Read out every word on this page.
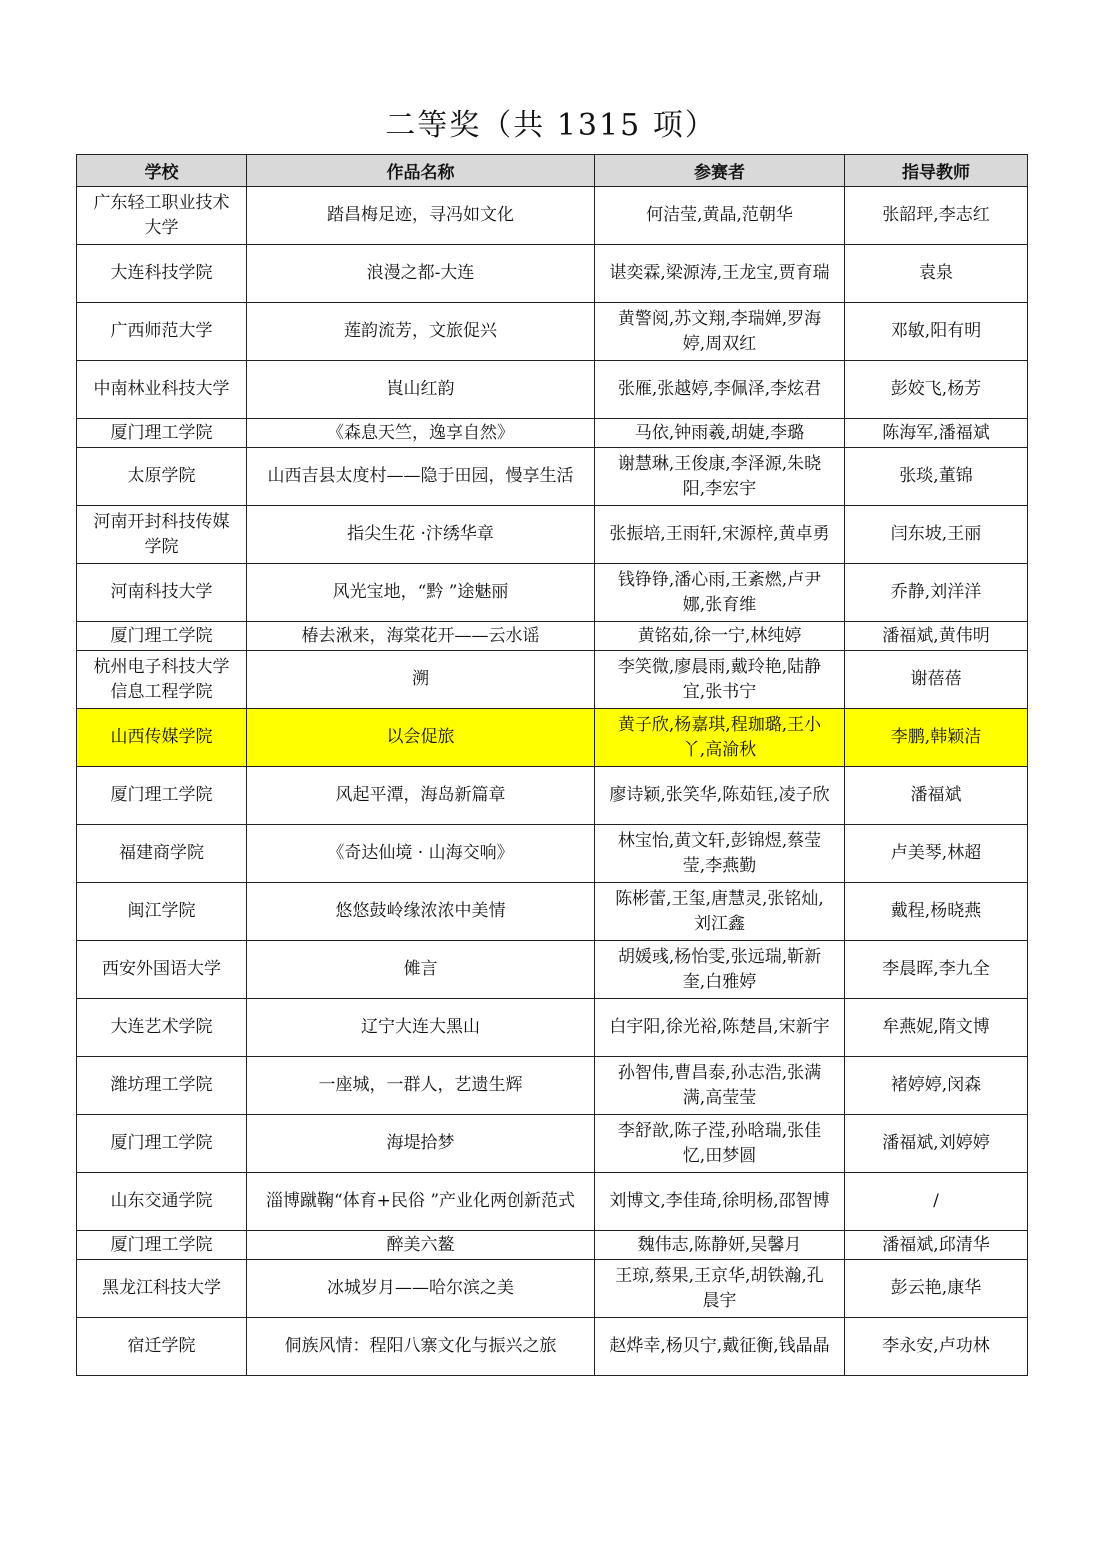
二等奖（共 1315 项）
学校	作品名称	参赛者	指导教师
广东轻工职业技术大学	踏昌梅足迹，寻冯如文化	何洁莹,黄晶,范朝华	张韶玶,李志红
大连科技学院	浪漫之都-大连	谌奕霖,梁源涛,王龙宝,贾育瑞	袁泉
广西师范大学	莲韵流芳，文旅促兴	黄警阅,苏文翔,李瑞婵,罗海婷,周双红	邓敏,阳有明
中南林业科技大学	崀山红韵	张雁,张越婷,李佩泽,李炫君	彭姣飞,杨芳
厦门理工学院	《森息天竺，逸享自然》	马依,钟雨羲,胡婕,李璐	陈海军,潘福斌
太原学院	山西吉县太度村——隐于田园，慢享生活	谢慧琳,王俊康,李泽源,朱晓阳,李宏宇	张琰,董锦
河南开封科技传媒学院	指尖生花 ·汴绣华章	张振培,王雨轩,宋源梓,黄卓勇	闫东坡,王丽
河南科技大学	风光宝地，“黔 ”途魅丽	钱铮铮,潘心雨,王紊燃,卢尹娜,张育维	乔静,刘洋洋
厦门理工学院	椿去湫来，海棠花开——云水谣	黄铭茹,徐一宁,林纯婷	潘福斌,黄伟明
杭州电子科技大学信息工程学院	溯	李笑微,廖晨雨,戴玲艳,陆静宜,张书宁	谢蓓蓓
山西传媒学院	以会促旅	黄子欣,杨嘉琪,程珈璐,王小丫,高渝秋	李鹏,韩颖洁
厦门理工学院	风起平潭，海岛新篇章	廖诗颖,张笑华,陈茹钰,凌子欣	潘福斌
福建商学院	《奇达仙境 · 山海交响》	林宝怡,黄文轩,彭锦煜,蔡莹莹,李燕勤	卢美琴,林超
闽江学院	悠悠鼓岭缘浓浓中美情	陈彬蕾,王玺,唐慧灵,张铭灿,刘江鑫	戴程,杨晓燕
西安外国语大学	傩言	胡媛彧,杨怡雯,张远瑞,靳新奎,白雅婷	李晨晖,李九全
大连艺术学院	辽宁大连大黑山	白宇阳,徐光裕,陈楚昌,宋新宇	牟燕妮,隋文博
潍坊理工学院	一座城，一群人，艺遗生辉	孙智伟,曹昌泰,孙志浩,张满满,高莹莹	褚婷婷,闵森
厦门理工学院	海堤拾梦	李舒歆,陈子滢,孙晗瑞,张佳忆,田梦圆	潘福斌,刘婷婷
山东交通学院	淄博蹴鞠“体育+民俗 ”产业化两创新范式	刘博文,李佳琦,徐明杨,邵智博	/
厦门理工学院	醉美六鳌	魏伟志,陈静妍,吴馨月	潘福斌,邱清华
黑龙江科技大学	冰城岁月——哈尔滨之美	王琼,蔡果,王京华,胡铁瀚,孔晨宇	彭云艳,康华
宿迁学院	侗族风情：程阳八寨文化与振兴之旅	赵烨幸,杨贝宁,戴征衡,钱晶晶	李永安,卢功林
